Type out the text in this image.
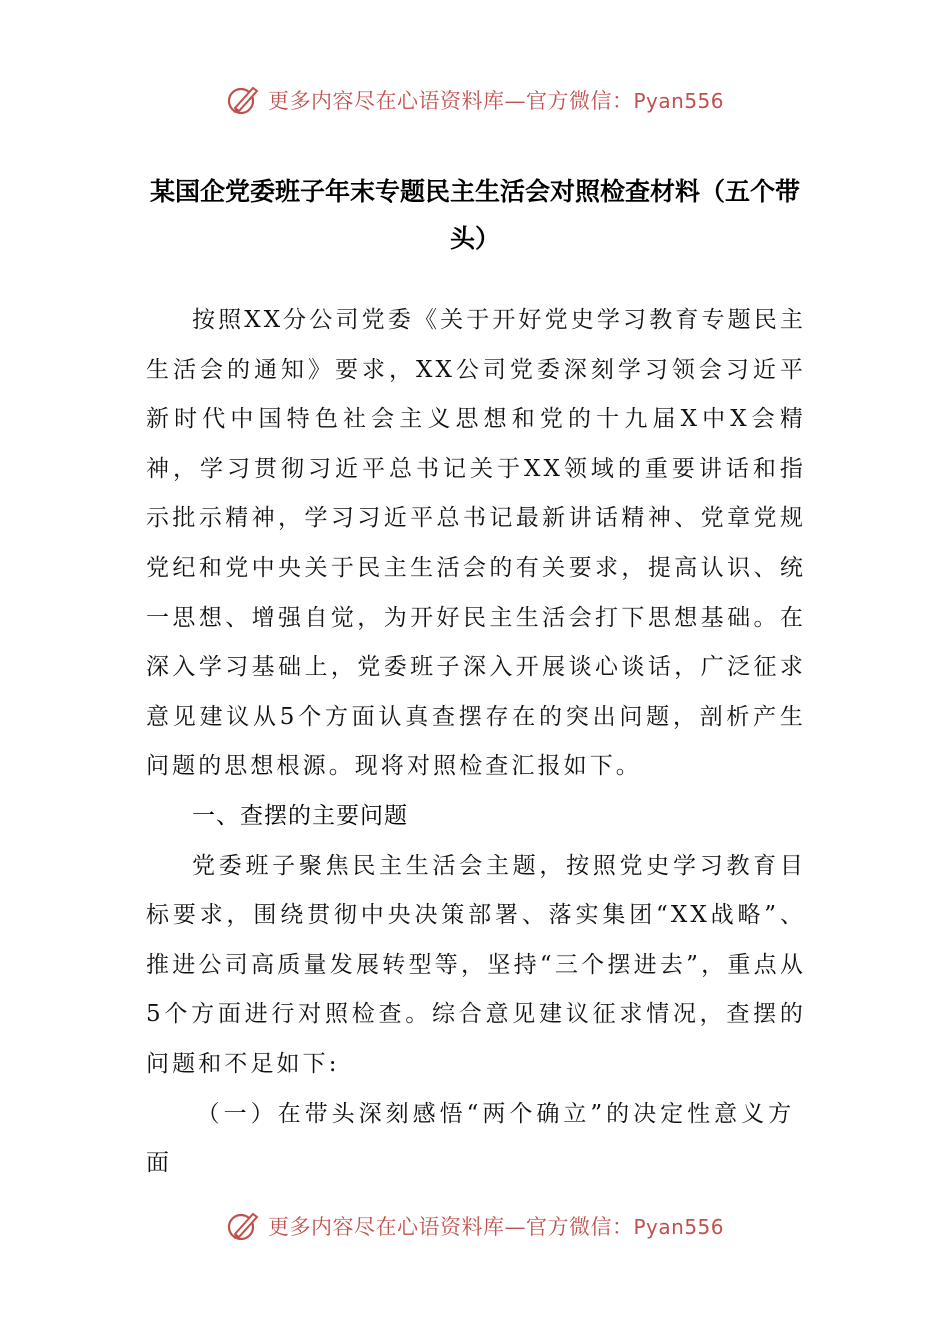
更多内容尽在心语资料库—官方微信：Pyan556
某国企党委班子年末专题民主生活会对照检查材料（五个带头）

按照XX分公司党委《关于开好党史学习教育专题民主生活会的通知》要求，XX公司党委深刻学习领会习近平新时代中国特色社会主义思想和党的十九届X中X会精神，学习贯彻习近平总书记关于XX领域的重要讲话和指示批示精神，学习习近平总书记最新讲话精神、党章党规党纪和党中央关于民主生活会的有关要求，提高认识、统一思想、增强自觉，为开好民主生活会打下思想基础。在深入学习基础上，党委班子深入开展谈心谈话，广泛征求意见建议从5个方面认真查摆存在的突出问题，剖析产生问题的思想根源。现将对照检查汇报如下。

一、查摆的主要问题

党委班子聚焦民主生活会主题，按照党史学习教育目标要求，围绕贯彻中央决策部署、落实集团“XX战略”、推进公司高质量发展转型等，坚持“三个摆进去”，重点从5个方面进行对照检查。综合意见建议征求情况，查摆的问题和不足如下:

（一）在带头深刻感悟“两个确立”的决定性意义方面

更多内容尽在心语资料库—官方微信：Pyan556
